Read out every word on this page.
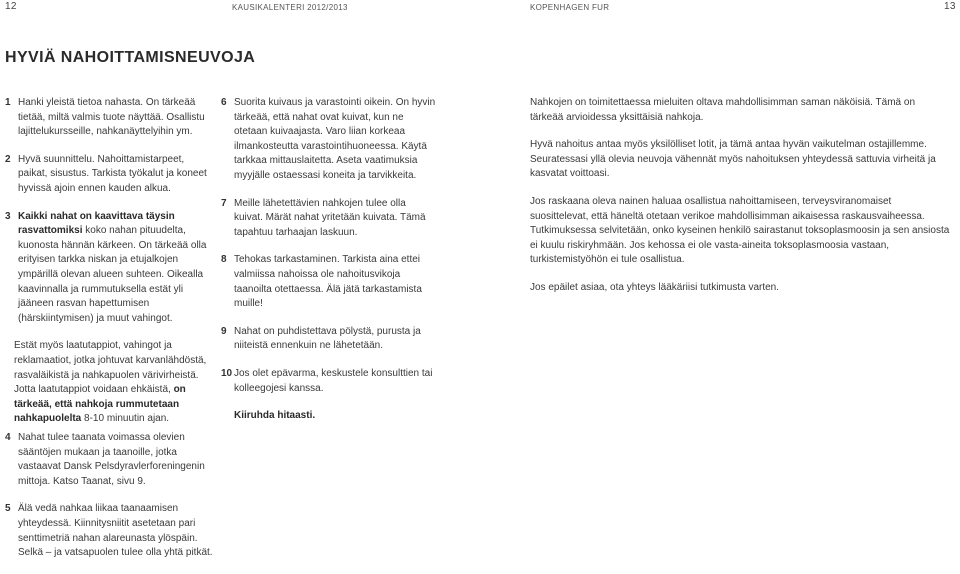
12	KAUSIKALENTERI 2012/2013	KOPENHAGEN FUR	13
HYVIÄ NAHOITTAMISNEUVOJA
1 Hanki yleistä tietoa nahasta. On tärkeää tietää, miltä valmis tuote näyttää. Osallistu lajittelukursseille, nahkanäyttelyihin ym.
2 Hyvä suunnittelu. Nahoittamistarpeet, paikat, sisustus. Tarkista työkalut ja koneet hyvissä ajoin ennen kauden alkua.
3 Kaikki nahat on kaavittava täysin rasvattomiksi koko nahan pituudelta, kuonosta hännän kärkeen. On tärkeää olla erityisen tarkka niskan ja etujalkojen ympärillä olevan alueen suhteen. Oikealla kaavinnalla ja rummutuksella estät yli jääneen rasvan hapettumisen (härskiintymisen) ja muut vahingot.

Estät myös laatutappiot, vahingot ja reklamaatiot, jotka johtuvat karvanlähdöstä, rasvaläikistä ja nahkapuolen värivirheistä. Jotta laatutappiot voidaan ehkäistä, on tärkeää, että nahkoja rummutetaan nahkapuolelta 8-10 minuutin ajan.

4 Nahat tulee taanata voimassa olevien sääntöjen mukaan ja taanoille, jotka vastaavat Dansk Pelsdyravlerforeningenin mittoja. Katso Taanat, sivu 9.
5 Älä vedä nahkaa liikaa taanaamisen yhteydessä. Kiinnitysniitit asetetaan pari senttimetriä nahan alareunasta ylöspäin. Selkä – ja vatsapuolen tulee olla yhtä pitkät.
6 Suorita kuivaus ja varastointi oikein. On hyvin tärkeää, että nahat ovat kuivat, kun ne otetaan kuivaajasta. Varo liian korkeaa ilmankosteutta varastointihuoneessa. Käytä tarkkaa mittauslaitetta. Aseta vaatimuksia myyjälle ostaessasi koneita ja tarvikkeita.
7 Meille lähetettävien nahkojen tulee olla kuivat. Märät nahat yritetään kuivata. Tämä tapahtuu tarhaajan laskuun.
8 Tehokas tarkastaminen. Tarkista aina ettei valmiissa nahoissa ole nahoitusvikoja taanoilta otettaessa. Älä jätä tarkastamista muille!
9 Nahat on puhdistettava pölystä, purusta ja niiteistä ennenkuin ne lähetetään.
10 Jos olet epävarma, keskustele konsulttien tai kolleegojesi kanssa.

Kiiruhda hitaasti.

Nahkojen on toimitettaessa mieluiten oltava mahdollisimman saman näköisiä. Tämä on tärkeää arvioidessa yksittäisiä nahkoja.

Hyvä nahoitus antaa myös yksilölliset lotit, ja tämä antaa hyvän vaikutelman ostajillemme. Seuratessasi yllä olevia neuvoja vähennät myös nahoituksen yhteydessä sattuvia virheitä ja kasvatat voittoasi.

Jos raskaana oleva nainen haluaa osallistua nahoittamiseen, terveysviranomaiset suosittelevat, että häneltä otetaan verikoe mahdollisimman aikaisessa raskausvaiheessa. Tutkimuksessa selvitetään, onko kyseinen henkilö sairastanut toksoplasmoosin ja sen ansiosta ei kuulu riskiryhmään. Jos kehossa ei ole vasta-aineita toksoplasmoosia vastaan, turkistemistyöhön ei tule osallistua.

Jos epäilet asiaa, ota yhteys lääkäriisi tutkimusta varten.
